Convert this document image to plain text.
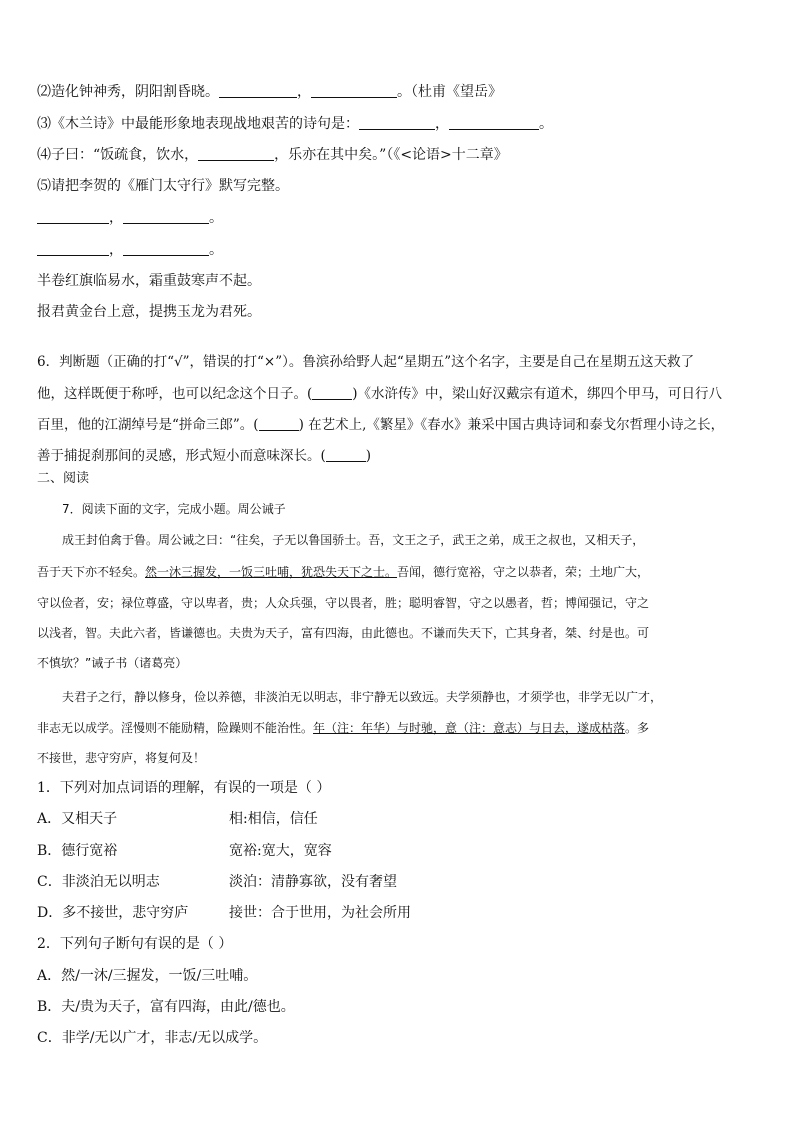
⑵造化钟神秀，阴阳割昏晓。	，	。（杜甫《望岳》
⑶《木兰诗》中最能形象地表现战地艰苦的诗句是：	，	。
⑷子曰：“饭疏食，饮水，	，乐亦在其中矣。”（《<论语>十二章》
⑸请把李贺的《雁门太守行》默写完整。
，	。
，	。
半卷红旗临易水，霜重鼓寒声不起。
报君黄金台上意，提携玉龙为君死。
6．判断题（正确的打“√”，错误的打“×”）。鲁滨孙给野人起“星期五”这个名字，主要是自己在星期五这天救了
他，这样既便于称呼，也可以纪念这个日子。(	)《水浒传》中，梁山好汉戴宗有道术，绑四个甲马，可日行八
百里，他的江湖绰号是“拼命三郎”。(	) 在艺术上,《繁星》《春水》兼采中国古典诗词和泰戈尔哲理小诗之长，
善于捕捉刹那间的灵感，形式短小而意味深长。(	)
二、阅读
7．阅读下面的文字，完成小题。周公诫子
成王封伯禽于鲁。周公诫之曰：“往矣，子无以鲁国骄士。吾，文王之子，武王之弟，成王之叔也，又相天子，
吾于天下亦不轻矣。然一沐三握发，一饭三吐哺，犹恐失天下之士。吾闻，德行宽裕，守之以恭者，荣；土地广大，
守以俭者，安；禄位尊盛，守以卑者，贵；人众兵强，守以畏者，胜；聪明睿智，守之以愚者，哲；博闻强记，守之
以浅者，智。夫此六者，皆谦德也。夫贵为天子，富有四海，由此德也。不谦而失天下，亡其身者，桀、纣是也。可
不慎欤？”诫子书（诸葛亮）
夫君子之行，静以修身，俭以养德，非淡泊无以明志，非宁静无以致远。夫学须静也，才须学也，非学无以广才，
非志无以成学。淫慢则不能励精，险躁则不能治性。年（注：年华）与时驰，意（注：意志）与日去，遂成枯落。多
不接世，悲守穷庐，将复何及！
1．下列对加点词语的理解，有误的一项是（ ）
A．又相天子	相:相信，信任
B．德行宽裕	宽裕:宽大，宽容
C．非淡泊无以明志	淡泊：清静寡欲，没有奢望
D．多不接世，悲守穷庐	接世：合于世用，为社会所用
2．下列句子断句有误的是（ ）
A．然/一沐/三握发，一饭/三吐哺。
B．夫/贵为天子，富有四海，由此/德也。
C．非学/无以广才，非志/无以成学。
